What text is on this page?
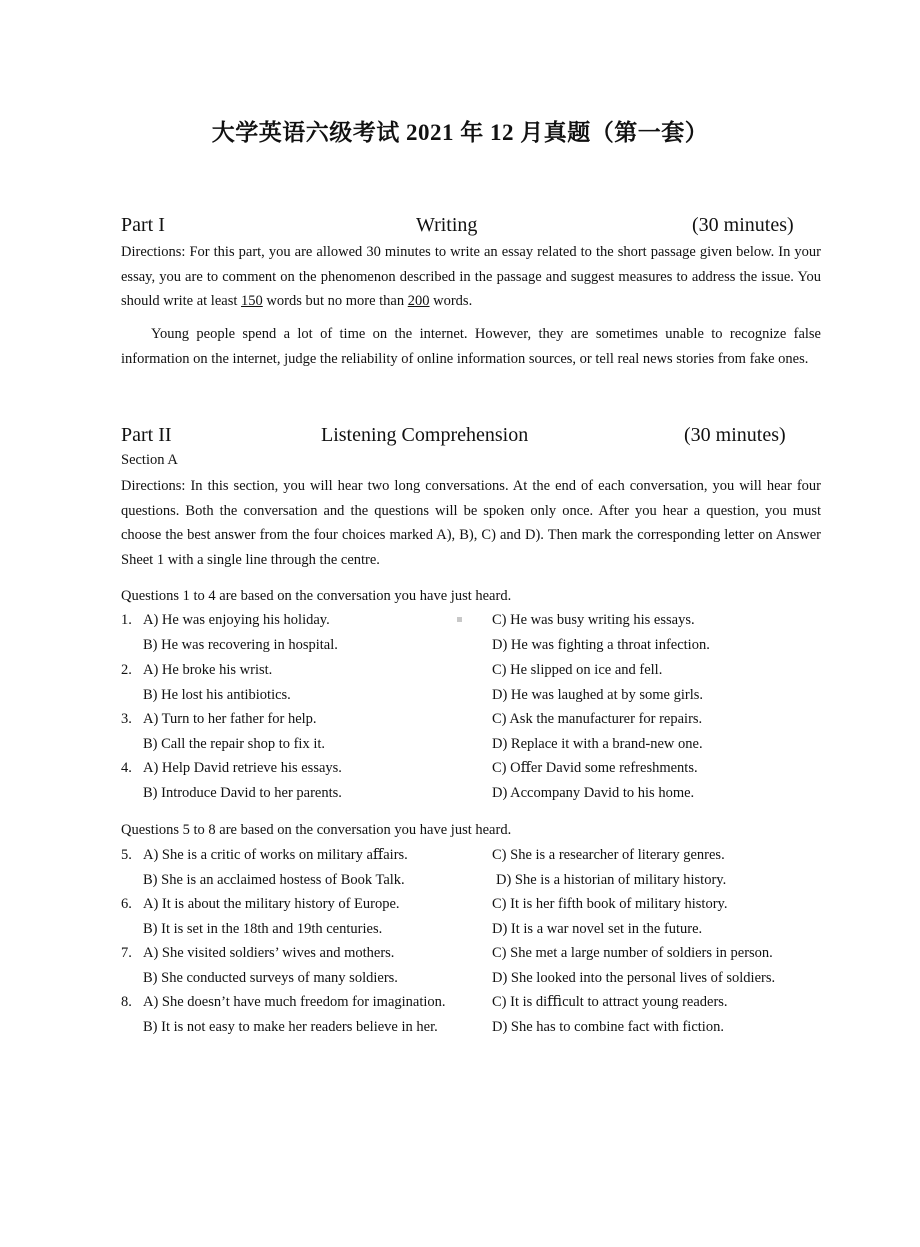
大学英语六级考试 2021 年 12 月真题（第一套）
Part I	Writing	(30 minutes)
Directions: For this part, you are allowed 30 minutes to write an essay related to the short passage given below. In your essay, you are to comment on the phenomenon described in the passage and suggest measures to address the issue. You should write at least 150 words but no more than 200 words.
Young people spend a lot of time on the internet. However, they are sometimes unable to recognize false information on the internet, judge the reliability of online information sources, or tell real news stories from fake ones.
Part II	Listening Comprehension	(30 minutes)
Section A
Directions: In this section, you will hear two long conversations. At the end of each conversation, you will hear four questions. Both the conversation and the questions will be spoken only once. After you hear a question, you must choose the best answer from the four choices marked A), B), C) and D). Then mark the corresponding letter on Answer Sheet 1 with a single line through the centre.
Questions 1 to 4 are based on the conversation you have just heard.
1. A) He was enjoying his holiday.	C) He was busy writing his essays.
B) He was recovering in hospital.	D) He was fighting a throat infection.
2. A) He broke his wrist.	C) He slipped on ice and fell.
B) He lost his antibiotics.	D) He was laughed at by some girls.
3. A) Turn to her father for help.	C) Ask the manufacturer for repairs.
B) Call the repair shop to fix it.	D) Replace it with a brand-new one.
4. A) Help David retrieve his essays.	C) Oﬀer David some refreshments.
B) Introduce David to her parents.	D) Accompany David to his home.
Questions 5 to 8 are based on the conversation you have just heard.
5. A) She is a critic of works on military aﬀairs.	C) She is a researcher of literary genres.
B) She is an acclaimed hostess of Book Talk.	D) She is a historian of military history.
6. A) It is about the military history of Europe.	C) It is her fifth book of military history.
B) It is set in the 18th and 19th centuries.	D) It is a war novel set in the future.
7. A) She visited soldiers’ wives and mothers.	C) She met a large number of soldiers in person.
B) She conducted surveys of many soldiers.	D) She looked into the personal lives of soldiers.
8. A) She doesn’t have much freedom for imagination.	C) It is diﬃcult to attract young readers.
B) It is not easy to make her readers believe in her.	D) She has to combine fact with fiction.
